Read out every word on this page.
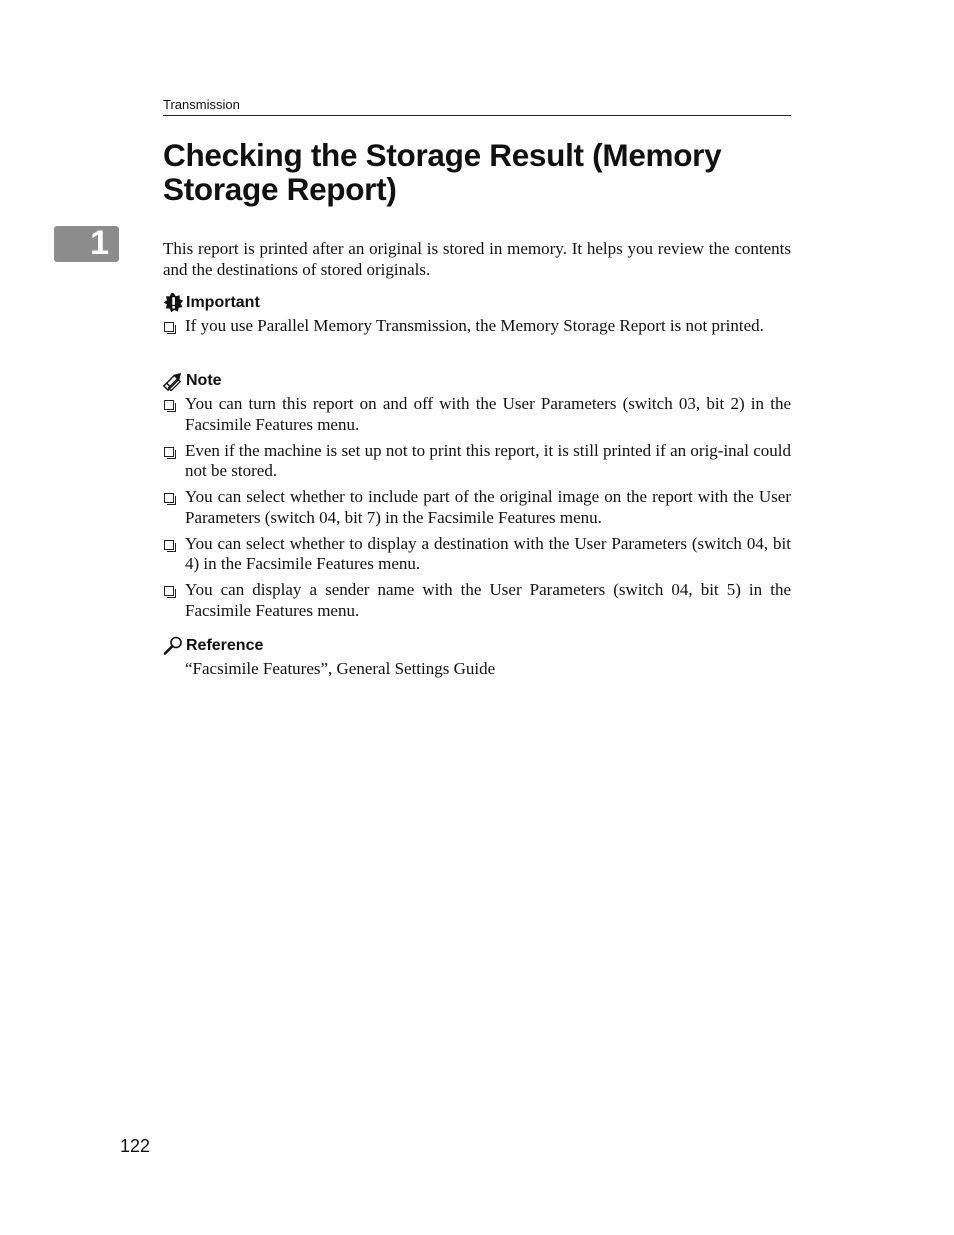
Transmission
1
Checking the Storage Result (Memory Storage Report)

This report is printed after an original is stored in memory. It helps you review the contents and the destinations of stored originals.

Important
If you use Parallel Memory Transmission, the Memory Storage Report is not printed.
Note
You can turn this report on and off with the User Parameters (switch 03, bit 2) in the Facsimile Features menu.
Even if the machine is set up not to print this report, it is still printed if an orig-inal could not be stored.
You can select whether to include part of the original image on the report with the User Parameters (switch 04, bit 7) in the Facsimile Features menu.
You can select whether to display a destination with the User Parameters (switch 04, bit 4) in the Facsimile Features menu.
You can display a sender name with the User Parameters (switch 04, bit 5) in the Facsimile Features menu.
Reference
“Facsimile Features”, General Settings Guide
122
